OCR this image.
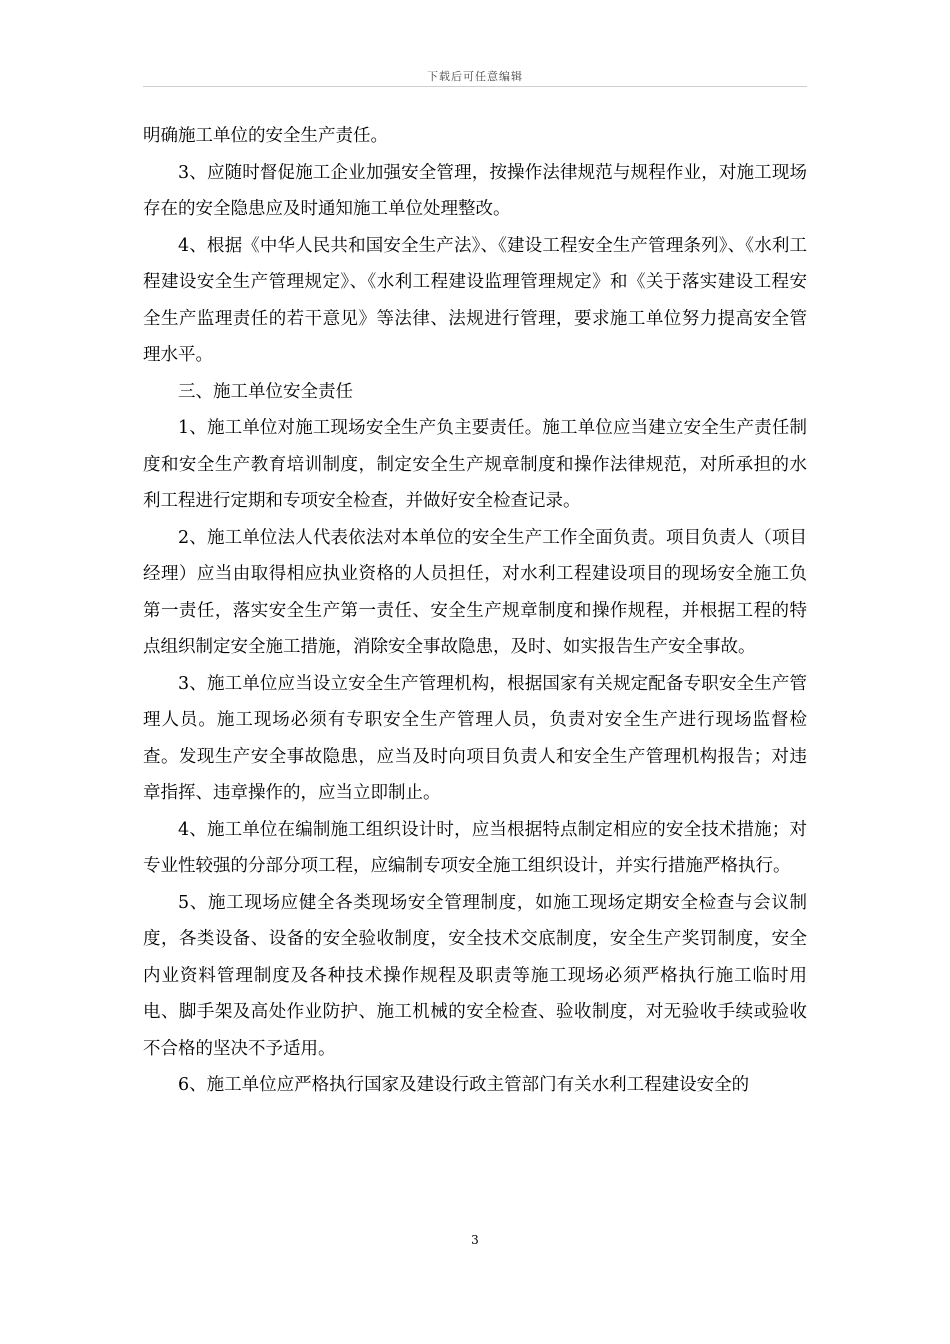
下载后可任意编辑

明确施工单位的安全生产责任。

3、应随时督促施工企业加强安全管理，按操作法律规范与规程作业，对施工现场存在的安全隐患应及时通知施工单位处理整改。

4、根据《中华人民共和国安全生产法》、《建设工程安全生产管理条列》、《水利工程建设安全生产管理规定》、《水利工程建设监理管理规定》和《关于落实建设工程安全生产监理责任的若干意见》等法律、法规进行管理，要求施工单位努力提高安全管理水平。

三、施工单位安全责任

1、施工单位对施工现场安全生产负主要责任。施工单位应当建立安全生产责任制度和安全生产教育培训制度，制定安全生产规章制度和操作法律规范，对所承担的水利工程进行定期和专项安全检查，并做好安全检查记录。

2、施工单位法人代表依法对本单位的安全生产工作全面负责。项目负责人（项目经理）应当由取得相应执业资格的人员担任，对水利工程建设项目的现场安全施工负第一责任，落实安全生产第一责任、安全生产规章制度和操作规程，并根据工程的特点组织制定安全施工措施，消除安全事故隐患，及时、如实报告生产安全事故。

3、施工单位应当设立安全生产管理机构，根据国家有关规定配备专职安全生产管理人员。施工现场必须有专职安全生产管理人员，负责对安全生产进行现场监督检查。发现生产安全事故隐患，应当及时向项目负责人和安全生产管理机构报告；对违章指挥、违章操作的，应当立即制止。

4、施工单位在编制施工组织设计时，应当根据特点制定相应的安全技术措施；对专业性较强的分部分项工程，应编制专项安全施工组织设计，并实行措施严格执行。

5、施工现场应健全各类现场安全管理制度，如施工现场定期安全检查与会议制度，各类设备、设备的安全验收制度，安全技术交底制度，安全生产奖罚制度，安全内业资料管理制度及各种技术操作规程及职责等施工现场必须严格执行施工临时用电、脚手架及高处作业防护、施工机械的安全检查、验收制度，对无验收手续或验收不合格的坚决不予适用。

6、施工单位应严格执行国家及建设行政主管部门有关水利工程建设安全的

3
